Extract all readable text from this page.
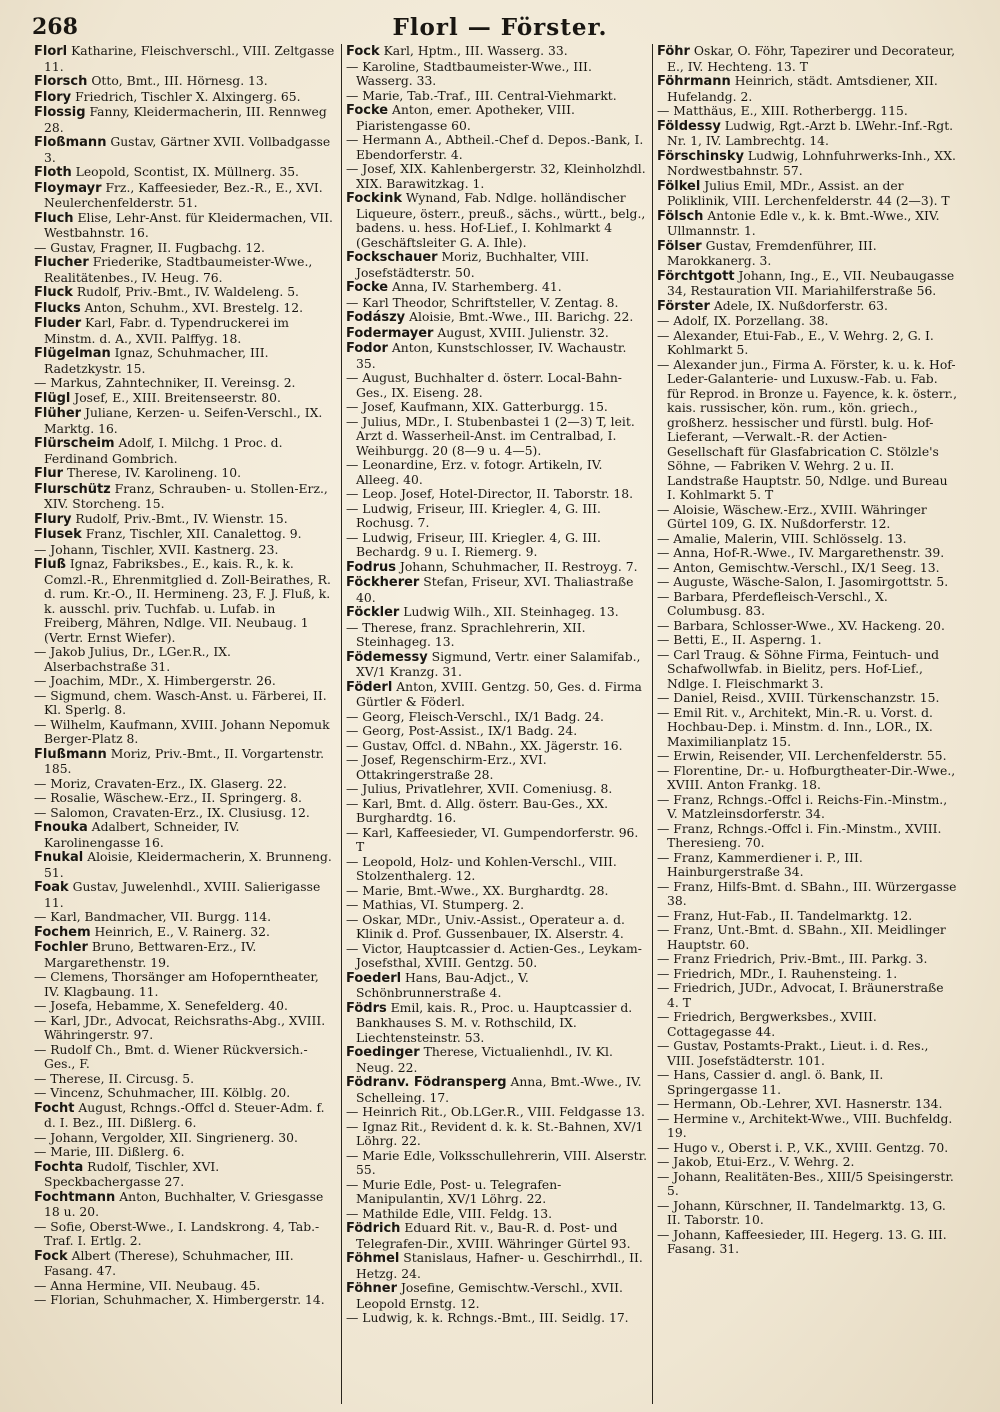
268	Florl — Förster.
Florl Katharine, Fleischverschl., VIII. Zeltgasse 11.
Florsch Otto, Bmt., III. Hörnesg. 13.
Flory Friedrich, Tischler X. Alxingerg. 65.
Flossig Fanny, Kleidermacherin, III. Rennweg 28.
Floßmann Gustav, Gärtner XVII. Vollbadgasse 3.
Floth Leopold, Scontist, IX. Müllnerg. 35.
Floymayr Frz., Kaffeesieder, Bez.-R., E., XVI. Neulerchenfelderstr. 51.
Fluch Elise, Lehr-Anst. für Kleidermachen, VII. Westbahnstr. 16.
— Gustav, Fragner, II. Fugbachg. 12.
Flucher Friederike, Stadtbaumeister-Wwe., Realitätenbes., IV. Heug. 76.
Fluck Rudolf, Priv.-Bmt., IV. Waldeleng. 5.
Flucks Anton, Schuhm., XVI. Brestelg. 12.
Fluder Karl, Fabr. d. Typendruckerei im Minstm. d. A., XVII. Palffyg. 18.
Flügelman Ignaz, Schuhmacher, III. Radetzkystr. 15.
— Markus, Zahntechniker, II. Vereinsg. 2.
Flügl Josef, E., XIII. Breitenseerstr. 80.
Flüher Juliane, Kerzen- u. Seifen-Verschl., IX. Marktg. 16.
Flürscheim Adolf, I. Milchg. 1 Proc. d. Ferdinand Gombrich.
Flur Therese, IV. Karolineng. 10.
Flurschütz Franz, Schrauben- u. Stollen-Erz., XIV. Storcheng. 15.
Flury Rudolf, Priv.-Bmt., IV. Wienstr. 15.
Flusek Franz, Tischler, XII. Canalettog. 9.
— Johann, Tischler, XVII. Kastnerg. 23.
Fluß Ignaz, Fabriksbes., E., kais. R., k. k. Comzl.-R., Ehrenmitglied d. Zoll-Beirathes, R. d. rum. Kr.-O., II. Hermineng. 23, F. J. Fluß, k. k. ausschl. priv. Tuchfab. u. Lufab. in Freiberg, Mähren, Ndlge. VII. Neubaug. 1 (Vertr. Ernst Wiefer).
— Jakob Julius, Dr., LGer.R., IX. Alserbachstraße 31.
— Joachim, MDr., X. Himbergerstr. 26.
— Sigmund, chem. Wasch-Anst. u. Färberei, II. Kl. Sperlg. 8.
— Wilhelm, Kaufmann, XVIII. Johann Nepomuk Berger-Platz 8.
Flußmann Moriz, Priv.-Bmt., II. Vorgartenstr. 185.
— Moriz, Cravaten-Erz., IX. Glaserg. 22.
— Rosalie, Wäschew.-Erz., II. Springerg. 8.
— Salomon, Cravaten-Erz., IX. Clusiusg. 12.
Fnouka Adalbert, Schneider, IV. Karolinengasse 16.
Fnukal Aloisie, Kleidermacherin, X. Brunneng. 51.
Foak Gustav, Juwelenhdl., XVIII. Salierigasse 11.
— Karl, Bandmacher, VII. Burgg. 114.
Fochem Heinrich, E., V. Rainerg. 32.
Fochler Bruno, Bettwaren-Erz., IV. Margarethenstr. 19.
— Clemens, Thorsänger am Hofoperntheater, IV. Klagbaung. 11.
— Josefa, Hebamme, X. Senefelderg. 40.
— Karl, JDr., Advocat, Reichsraths-Abg., XVIII. Währingerstr. 97.
— Rudolf Ch., Bmt. d. Wiener Rückversich.-Ges., F.
— Therese, II. Circusg. 5.
— Vincenz, Schuhmacher, III. Kölblg. 20.
Focht August, Rchngs.-Offcl d. Steuer-Adm. f. d. I. Bez., III. Dißlerg. 6.
— Johann, Vergolder, XII. Singrienerg. 30.
— Marie, III. Dißlerg. 6.
Fochta Rudolf, Tischler, XVI. Speckbachergasse 27.
Fochtmann Anton, Buchhalter, V. Griesgasse 18 u. 20.
— Sofie, Oberst-Wwe., I. Landskrong. 4, Tab.-Traf. I. Ertlg. 2.
Fock Albert (Therese), Schuhmacher, III. Fasang. 47.
— Anna Hermine, VII. Neubaug. 45.
— Florian, Schuhmacher, X. Himbergerstr. 14.
Fock Karl, Hptm., III. Wasserg. 33.
— Karoline, Stadtbaumeister-Wwe., III. Wasserg. 33.
— Marie, Tab.-Traf., III. Central-Viehmarkt.
Focke Anton, emer. Apotheker, VIII. Piaristengasse 60.
— Hermann A., Abtheil.-Chef d. Depos.-Bank, I. Ebendorferstr. 4.
— Josef, XIX. Kahlenbergerstr. 32, Kleinholzhdl. XIX. Barawitzkag. 1.
Fockink Wynand, Fab. Ndlge. holländischer Liqueure, österr., preuß., sächs., württ., belg., badens. u. hess. Hof-Lief., I. Kohlmarkt 4 (Geschäftsleiter G. A. Ihle).
Fockschauer Moriz, Buchhalter, VIII. Josefstädterstr. 50.
Focke Anna, IV. Starhemberg. 41.
— Karl Theodor, Schriftsteller, V. Zentag. 8.
Fodászy Aloisie, Bmt.-Wwe., III. Barichg. 22.
Fodermayer August, XVIII. Julienstr. 32.
Fodor Anton, Kunstschlosser, IV. Wachaustr. 35.
— August, Buchhalter d. österr. Local-Bahn-Ges., IX. Eiseng. 28.
— Josef, Kaufmann, XIX. Gatterburgg. 15.
— Julius, MDr., I. Stubenbastei 1 (2—3) T, leit. Arzt d. Wasserheil-Anst. im Centralbad, I. Weihburgg. 20 (8—9 u. 4—5).
— Leonardine, Erz. v. fotogr. Artikeln, IV. Alleeg. 40.
— Leop. Josef, Hotel-Director, II. Taborstr. 18.
— Ludwig, Friseur, III. Kriegler. 4, G. III. Rochusg. 7.
— Ludwig, Friseur, III. Kriegler. 4, G. III. Bechardg. 9 u. I. Riemerg. 9.
Fodrus Johann, Schuhmacher, II. Restroyg. 7.
Föckherer Stefan, Friseur, XVI. Thaliastraße 40.
Föckler Ludwig Wilh., XII. Steinhageg. 13.
— Therese, franz. Sprachlehrerin, XII. Steinhageg. 13.
Födemessy Sigmund, Vertr. einer Salamifab., XV/1 Kranzg. 31.
Föderl Anton, XVIII. Gentzg. 50, Ges. d. Firma Gürtler & Föderl.
— Georg, Fleisch-Verschl., IX/1 Badg. 24.
— Georg, Post-Assist., IX/1 Badg. 24.
— Gustav, Offcl. d. NBahn., XX. Jägerstr. 16.
— Josef, Regenschirm-Erz., XVI. Ottakringerstraße 28.
— Julius, Privatlehrer, XVII. Comeniusg. 8.
— Karl, Bmt. d. Allg. österr. Bau-Ges., XX. Burghardtg. 16.
— Karl, Kaffeesieder, VI. Gumpendorferstr. 96. T
— Leopold, Holz- und Kohlen-Verschl., VIII. Stolzenthalerg. 12.
— Marie, Bmt.-Wwe., XX. Burghardtg. 28.
— Mathias, VI. Stumperg. 2.
— Oskar, MDr., Univ.-Assist., Operateur a. d. Klinik d. Prof. Gussenbauer, IX. Alserstr. 4.
— Victor, Hauptcassier d. Actien-Ges., Leykam-Josefsthal, XVIII. Gentzg. 50.
Foederl Hans, Bau-Adjct., V. Schönbrunnerstraße 4.
Födrs Emil, kais. R., Proc. u. Hauptcassier d. Bankhauses S. M. v. Rothschild, IX. Liechtensteinstr. 53.
Foedinger Therese, Victualienhdl., IV. Kl. Neug. 22.
Födranv. Födransperg Anna, Bmt.-Wwe., IV. Schelleing. 17.
— Heinrich Rit., Ob.LGer.R., VIII. Feldgasse 13.
— Ignaz Rit., Revident d. k. k. St.-Bahnen, XV/1 Löhrg. 22.
— Marie Edle, Volksschullehrerin, VIII. Alserstr. 55.
— Murie Edle, Post- u. Telegrafen-Manipulantin, XV/1 Löhrg. 22.
— Mathilde Edle, VIII. Feldg. 13.
Födrich Eduard Rit. v., Bau-R. d. Post- und Telegrafen-Dir., XVIII. Währinger Gürtel 93.
Föhmel Stanislaus, Hafner- u. Geschirrhdl., II. Hetzg. 24.
Föhner Josefine, Gemischtw.-Verschl., XVII. Leopold Ernstg. 12.
— Ludwig, k. k. Rchngs.-Bmt., III. Seidlg. 17.
Föhr Oskar, O. Föhr, Tapezirer und Decorateur, E., IV. Hechteng. 13. T
Föhrmann Heinrich, städt. Amtsdiener, XII. Hufelandg. 2.
— Matthäus, E., XIII. Rotherbergg. 115.
Földessy Ludwig, Rgt.-Arzt b. LWehr.-Inf.-Rgt. Nr. 1, IV. Lambrechtg. 14.
Förschinsky Ludwig, Lohnfuhrwerks-Inh., XX. Nordwestbahnstr. 57.
Fölkel Julius Emil, MDr., Assist. an der Poliklinik, VIII. Lerchenfelderstr. 44 (2—3). T
Fölsch Antonie Edle v., k. k. Bmt.-Wwe., XIV. Ullmannstr. 1.
Fölser Gustav, Fremdenführer, III. Marokkanerg. 3.
Förchtgott Johann, Ing., E., VII. Neubaugasse 34, Restauration VII. Mariahilferstraße 56.
Förster Adele, IX. Nußdorferstr. 63.
— Adolf, IX. Porzellang. 38.
— Alexander, Etui-Fab., E., V. Wehrg. 2, G. I. Kohlmarkt 5.
— Alexander jun., Firma A. Förster, k. u. k. Hof-Leder-Galanterie- und Luxusw.-Fab. u. Fab. für Reprod. in Bronze u. Fayence, k. k. österr., kais. russischer, kön. rum., kön. griech., großherz. hessischer und fürstl. bulg. Hof-Lieferant, —Verwalt.-R. der Actien-Gesellschaft für Glasfabrication C. Stölzle's Söhne, — Fabriken V. Wehrg. 2 u. II. Landstraße Hauptstr. 50, Ndlge. und Bureau I. Kohlmarkt 5. T
— Aloisie, Wäschew.-Erz., XVIII. Währinger Gürtel 109, G. IX. Nußdorferstr. 12.
— Amalie, Malerin, VIII. Schlösselg. 13.
— Anna, Hof-R.-Wwe., IV. Margarethenstr. 39.
— Anton, Gemischtw.-Verschl., IX/1 Seeg. 13.
— Auguste, Wäsche-Salon, I. Jasomirgottstr. 5.
— Barbara, Pferdefleisch-Verschl., X. Columbusg. 83.
— Barbara, Schlosser-Wwe., XV. Hackeng. 20.
— Betti, E., II. Asperng. 1.
— Carl Traug. & Söhne Firma, Feintuch- und Schafwollwfab. in Bielitz, pers. Hof-Lief., Ndlge. I. Fleischmarkt 3.
— Daniel, Reisd., XVIII. Türkenschanzstr. 15.
— Emil Rit. v., Architekt, Min.-R. u. Vorst. d. Hochbau-Dep. i. Minstm. d. Inn., LOR., IX. Maximilianplatz 15.
— Erwin, Reisender, VII. Lerchenfelderstr. 55.
— Florentine, Dr.- u. Hofburgtheater-Dir.-Wwe., XVIII. Anton Frankg. 18.
— Franz, Rchngs.-Offcl i. Reichs-Fin.-Minstm., V. Matzleinsdorferstr. 34.
— Franz, Rchngs.-Offcl i. Fin.-Minstm., XVIII. Theresieng. 70.
— Franz, Kammerdiener i. P., III. Hainburgerstraße 34.
— Franz, Hilfs-Bmt. d. SBahn., III. Würzergasse 38.
— Franz, Hut-Fab., II. Tandelmarktg. 12.
— Franz, Unt.-Bmt. d. SBahn., XII. Meidlinger Hauptstr. 60.
— Franz Friedrich, Priv.-Bmt., III. Parkg. 3.
— Friedrich, MDr., I. Rauhensteing. 1.
— Friedrich, JUDr., Advocat, I. Bräunerstraße 4. T
— Friedrich, Bergwerksbes., XVIII. Cottagegasse 44.
— Gustav, Postamts-Prakt., Lieut. i. d. Res., VIII. Josefstädterstr. 101.
— Hans, Cassier d. angl. ö. Bank, II. Springergasse 11.
— Hermann, Ob.-Lehrer, XVI. Hasnerstr. 134.
— Hermine v., Architekt-Wwe., VIII. Buchfeldg. 19.
— Hugo v., Oberst i. P., V.K., XVIII. Gentzg. 70.
— Jakob, Etui-Erz., V. Wehrg. 2.
— Johann, Realitäten-Bes., XIII/5 Speisingerstr. 5.
— Johann, Kürschner, II. Tandelmarktg. 13, G. II. Taborstr. 10.
— Johann, Kaffeesieder, III. Hegerg. 13. G. III. Fasang. 31.
